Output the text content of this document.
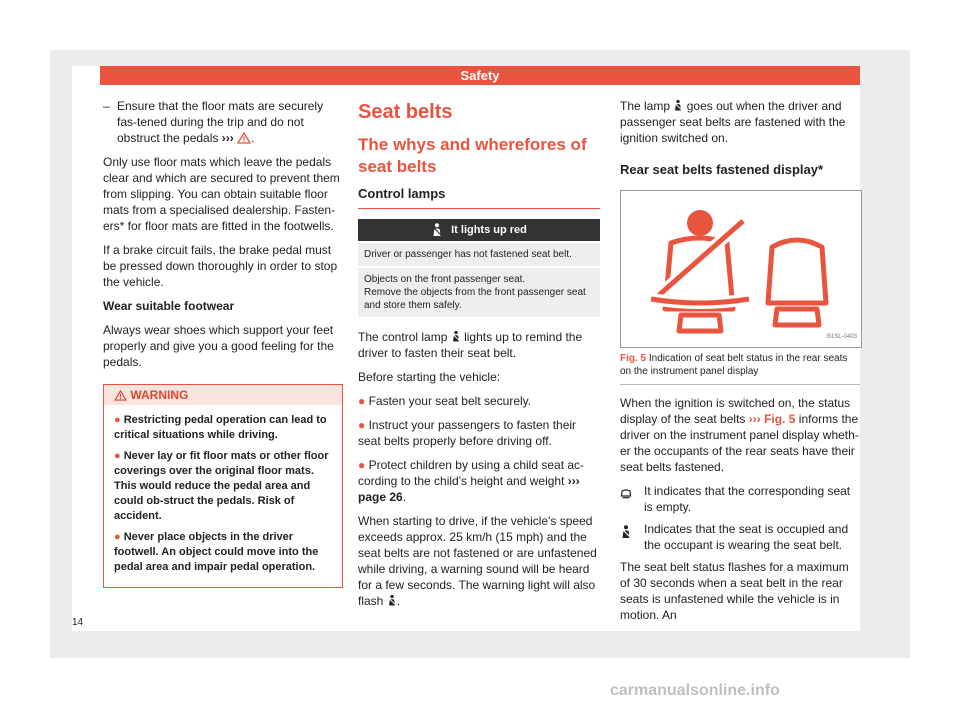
Safety
– Ensure that the floor mats are securely fas-tened during the trip and do not obstruct the pedals ››› .

Only use floor mats which leave the pedals clear and which are secured to prevent them from slipping. You can obtain suitable floor mats from a specialised dealership. Fasten-ers* for floor mats are fitted in the footwells.

If a brake circuit fails, the brake pedal must be pressed down thoroughly in order to stop the vehicle.

Wear suitable footwear

Always wear shoes which support your feet properly and give you a good feeling for the pedals.

WARNING
● Restricting pedal operation can lead to critical situations while driving.
● Never lay or fit floor mats or other floor coverings over the original floor mats. This would reduce the pedal area and could ob-struct the pedals. Risk of accident.
● Never place objects in the driver footwell. An object could move into the pedal area and impair pedal operation.
Seat belts
The whys and wherefores of seat belts
Control lamps
It lights up red
Driver or passenger has not fastened seat belt.
Objects on the front passenger seat.
Remove the objects from the front passenger seat and store them safely.

The control lamp lights up to remind the driver to fasten their seat belt.

Before starting the vehicle:

● Fasten your seat belt securely.

● Instruct your passengers to fasten their seat belts properly before driving off.

● Protect children by using a child seat ac-cording to the child's height and weight ››› page 26.

When starting to drive, if the vehicle's speed exceeds approx. 25 km/h (15 mph) and the seat belts are not fastened or are unfastened while driving, a warning sound will be heard for a few seconds. The warning light will also flash .

The lamp goes out when the driver and passenger seat belts are fastened with the ignition switched on.

Rear seat belts fastened display*
B1SL-0403
Fig. 5 Indication of seat belt status in the rear seats on the instrument panel display

When the ignition is switched on, the status display of the seat belts ››› Fig. 5 informs the driver on the instrument panel display wheth-er the occupants of the rear seats have their seat belts fastened.

It indicates that the corresponding seat is empty.
Indicates that the seat is occupied and the occupant is wearing the seat belt.

The seat belt status flashes for a maximum of 30 seconds when a seat belt in the rear seats is unfastened while the vehicle is in motion. An

14
carmanualsonline.info
